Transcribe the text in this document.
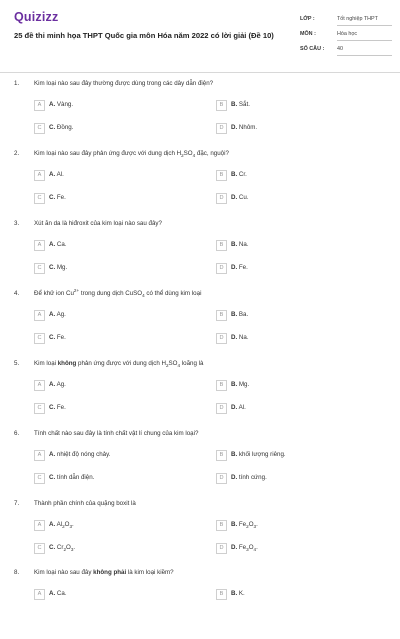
Quizizz
25 đề thi minh họa THPT Quốc gia môn Hóa năm 2022 có lời giải (Đề 10)
LỚP :	Tốt nghiệp THPT
MÔN :	Hóa học
SỐ CÂU : 40
1. Kim loại nào sau đây thường được dùng trong các dây dẫn điện?
A	A. Vàng.	B	B. Sắt.
C	C. Đồng.	D	D. Nhôm.
2. Kim loại nào sau đây phản ứng được với dung dịch $H_2SO_4$ đặc, nguội?
A	A. Al.	B	B. Cr.
C	C. Fe.	D	D. Cu.
3. Xút ăn da là hiđroxit của kim loại nào sau đây?
A	A. Ca.	B	B. Na.
C	C. Mg.	D	D. Fe.
4. Để khử ion $Cu^{2+}$ trong dung dịch CuSO$_4$ có thể dùng kim loại
A	A. Ag.	B	B. Ba.
C	C. Fe.	D	D. Na.
5. Kim loại không phản ứng được với dung dịch $H_2SO_4$ loãng là
A	A. Ag.	B	B. Mg.
C	C. Fe.	D	D. Al.
6. Tính chất nào sau đây là tính chất vật lí chung của kim loại?
A	A. nhiệt độ nóng chảy.	B	B. khối lượng riêng.
C	C. tính dẫn điện.	D	D. tính cứng.
7. Thành phần chính của quặng boxit là
A	A. $Al_2O_3$.	B	B. $Fe_2O_3$.
C	C. $Cr_2O_3$.	D	D. $Fe_3O_4$.
8. Kim loại nào sau đây không phải là kim loại kiềm?
A	A. Ca.	B	B. K.
